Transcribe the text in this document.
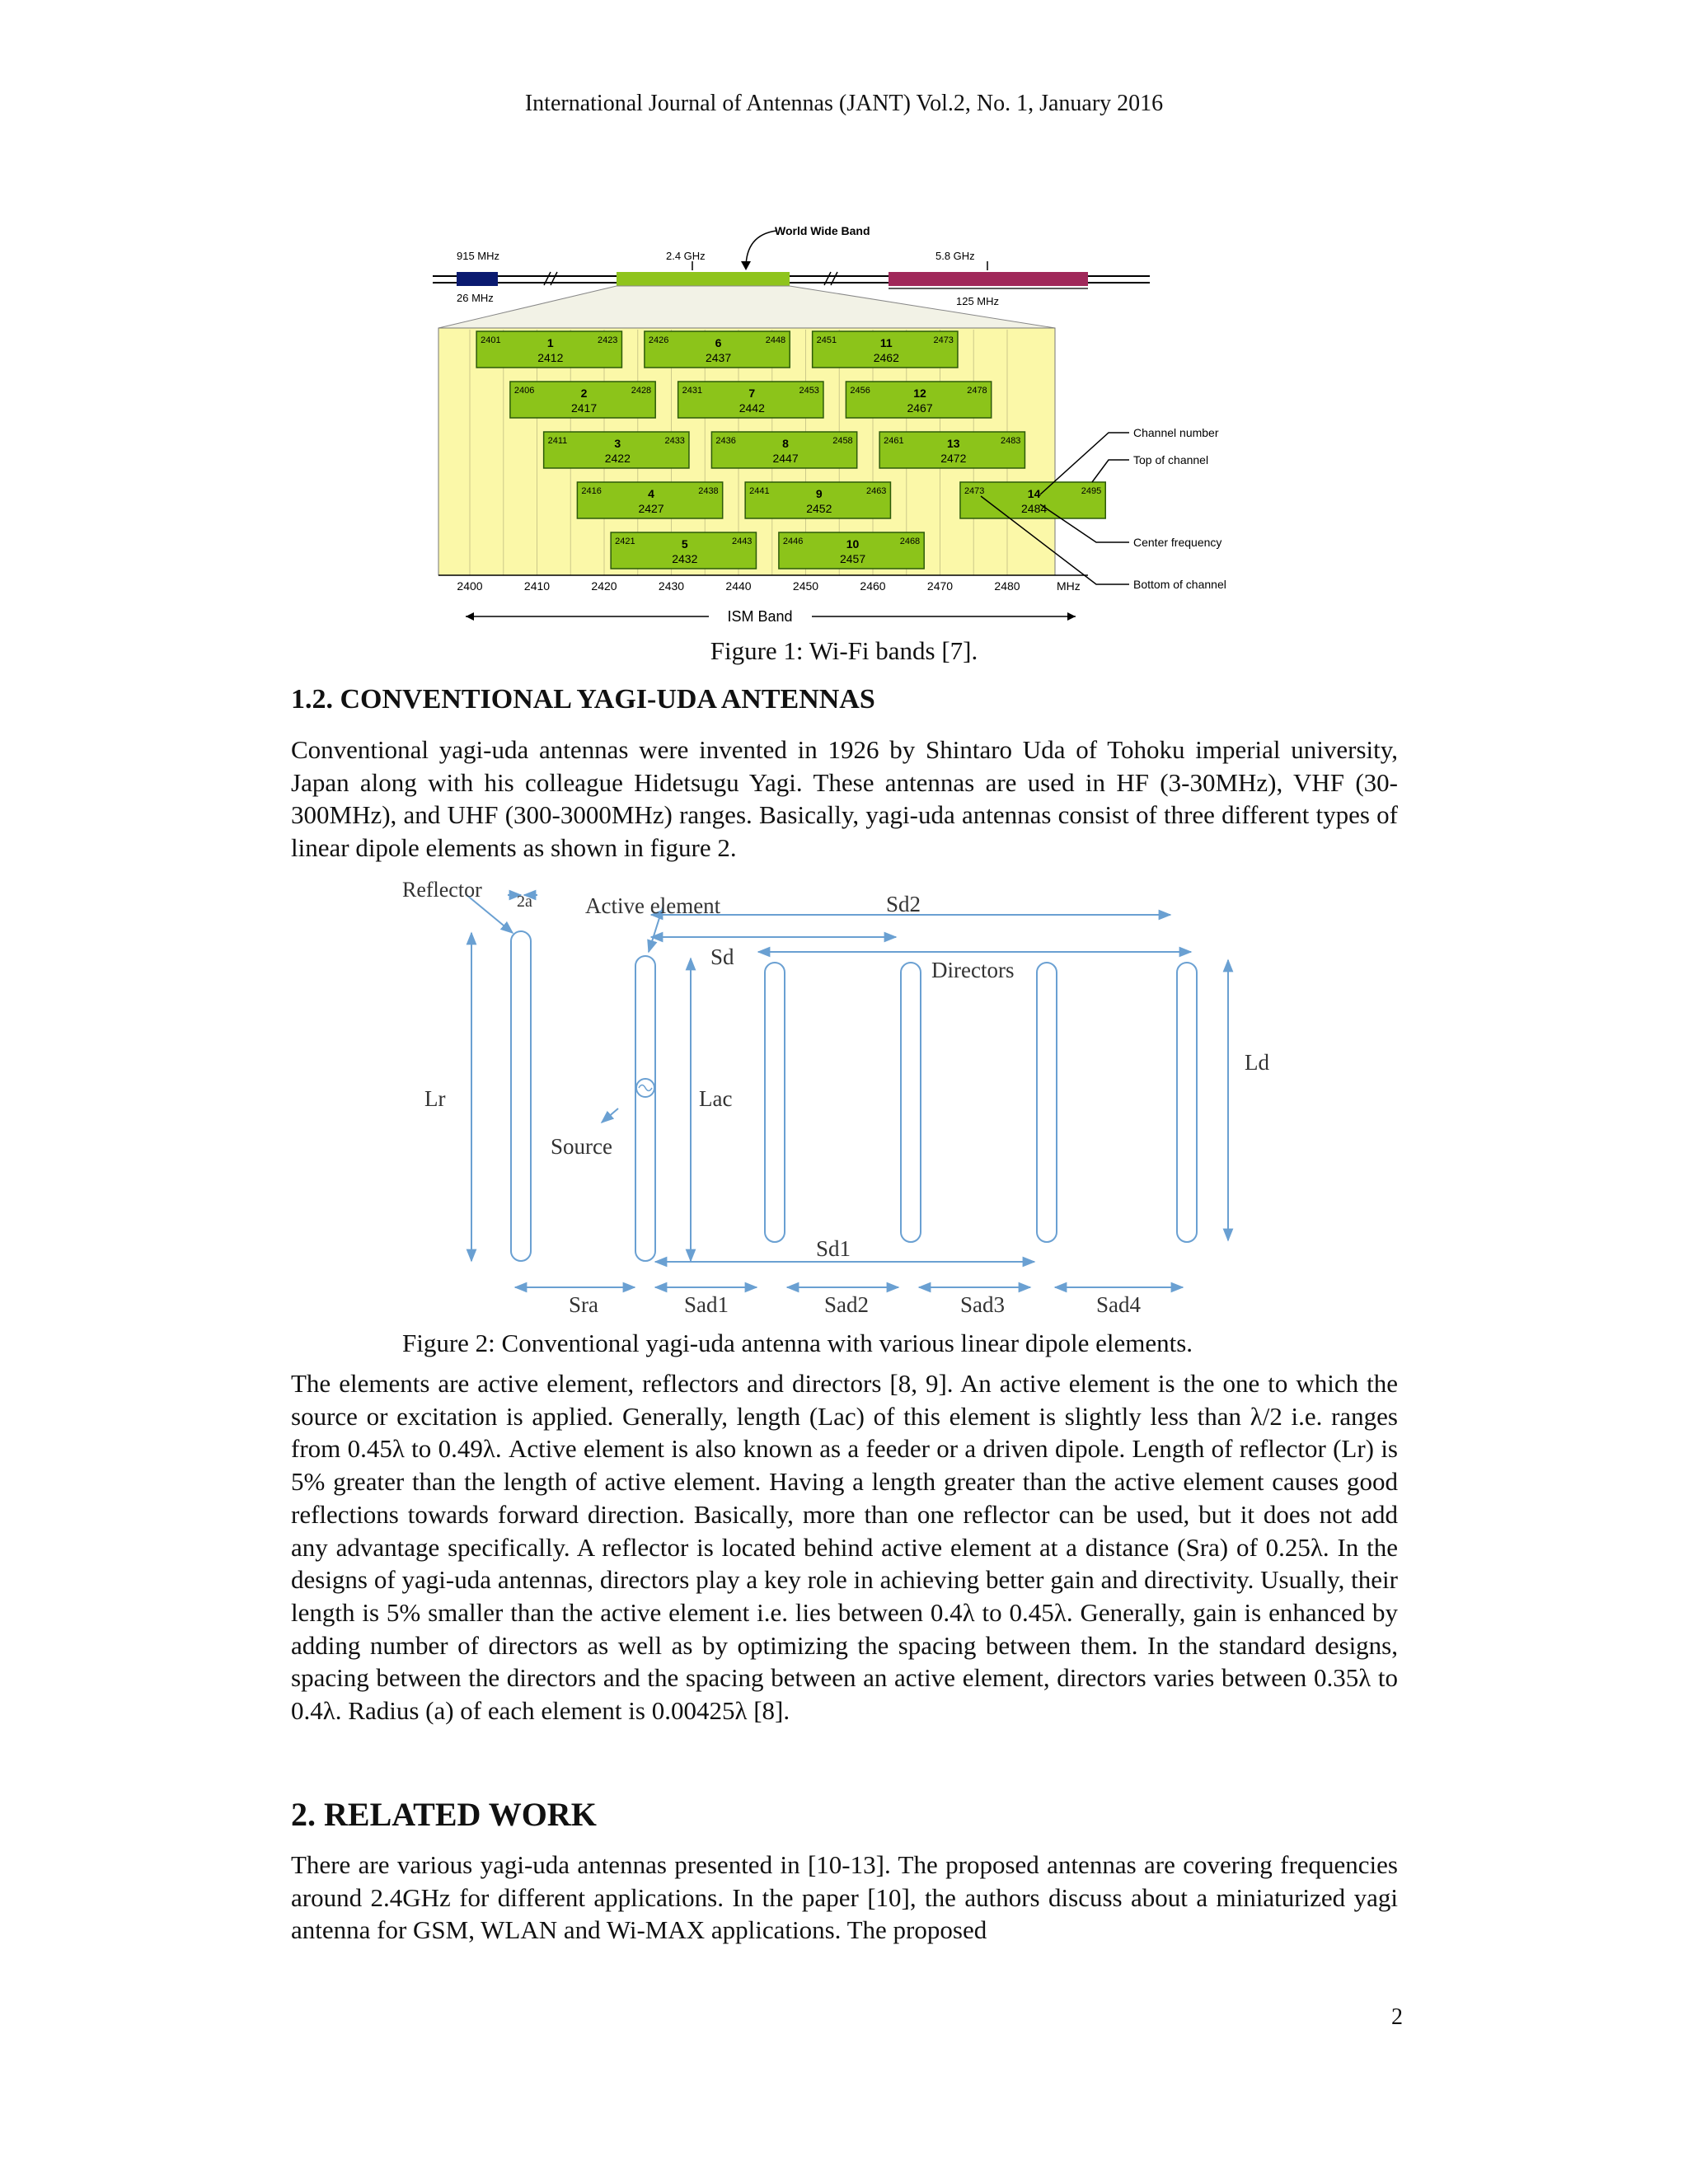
International Journal of Antennas (JANT) Vol.2, No. 1, January 2016
915 MHz	2.4 GHz	5.8 GHz
World Wide Band
26 MHz	125 MHz
2401	2423
1
2412
2406	2428
2
2417
2411	2433
3
2422
2416	2438
4
2427
2421	2443
5
2432
2426	2448
6
2437
2431	2453
7
2442
2436	2458
8
2447
2441	2463
9
2452
2446	2468
10
2457
2451	2473
11
2462
2456	2478
12
2467
2461	2483
13
2472
2473	2495
14
2484
2400	2410	2420	2430	2440	2450	2460	2470	2480	MHz
ISM Band
Channel number
Top of channel
Center frequency
Bottom of channel
Figure 1: Wi-Fi bands [7].
1.2. CONVENTIONAL YAGI-UDA ANTENNAS

Conventional yagi-uda antennas were invented in 1926 by Shintaro Uda of Tohoku imperial university, Japan along with his colleague Hidetsugu Yagi. These antennas are used in HF (3-30MHz), VHF (30-300MHz), and UHF (300-3000MHz) ranges. Basically, yagi-uda antennas consist of three different types of linear dipole elements as shown in figure 2.

Reflector 2a Active element	Sd2
Sd
Directors
Lr	Lac
Ld
Source
Sd1
Sra	Sad1	Sad2	Sad3	Sad4
Figure 2: Conventional yagi-uda antenna with various linear dipole elements.

The elements are active element, reflectors and directors [8, 9]. An active element is the one to which the source or excitation is applied. Generally, length (Lac) of this element is slightly less than λ/2 i.e. ranges from 0.45λ to 0.49λ. Active element is also known as a feeder or a driven dipole. Length of reflector (Lr) is 5% greater than the length of active element. Having a length greater than the active element causes good reflections towards forward direction. Basically, more than one reflector can be used, but it does not add any advantage specifically. A reflector is located behind active element at a distance (Sra) of 0.25λ. In the designs of yagi-uda antennas, directors play a key role in achieving better gain and directivity. Usually, their length is 5% smaller than the active element i.e. lies between 0.4λ to 0.45λ. Generally, gain is enhanced by adding number of directors as well as by optimizing the spacing between them. In the standard designs, spacing between the directors and the spacing between an active element, directors varies between 0.35λ to 0.4λ. Radius (a) of each element is 0.00425λ [8].

2. RELATED WORK

There are various yagi-uda antennas presented in [10-13]. The proposed antennas are covering frequencies around 2.4GHz for different applications. In the paper [10], the authors discuss about a miniaturized yagi antenna for GSM, WLAN and Wi-MAX applications. The proposed

2
